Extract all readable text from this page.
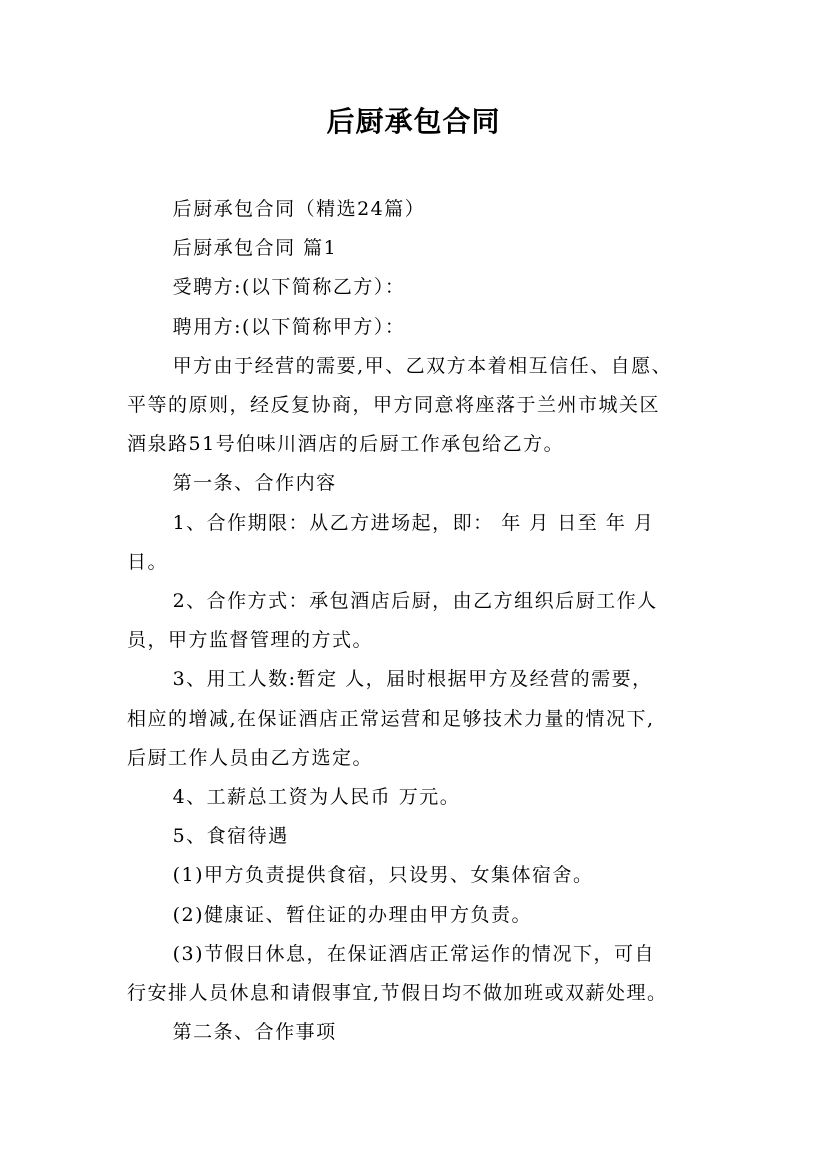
后厨承包合同

后厨承包合同（精选24篇）

后厨承包合同 篇1

受聘方:(以下简称乙方）：

聘用方:(以下简称甲方）：

甲方由于经营的需要,甲、乙双方本着相互信任、自愿、
平等的原则，经反复协商，甲方同意将座落于兰州市城关区
酒泉路51号伯味川酒店的后厨工作承包给乙方。

第一条、合作内容

1、合作期限：从乙方进场起，即： 年 月 日至 年 月
日。

2、合作方式：承包酒店后厨，由乙方组织后厨工作人
员，甲方监督管理的方式。

3、用工人数:暂定 人，届时根据甲方及经营的需要，
相应的增减,在保证酒店正常运营和足够技术力量的情况下,
后厨工作人员由乙方选定。

4、工薪总工资为人民币 万元。

5、食宿待遇

(1)甲方负责提供食宿，只设男、女集体宿舍。

(2)健康证、暂住证的办理由甲方负责。

(3)节假日休息，在保证酒店正常运作的情况下，可自
行安排人员休息和请假事宜,节假日均不做加班或双薪处理。

第二条、合作事项
